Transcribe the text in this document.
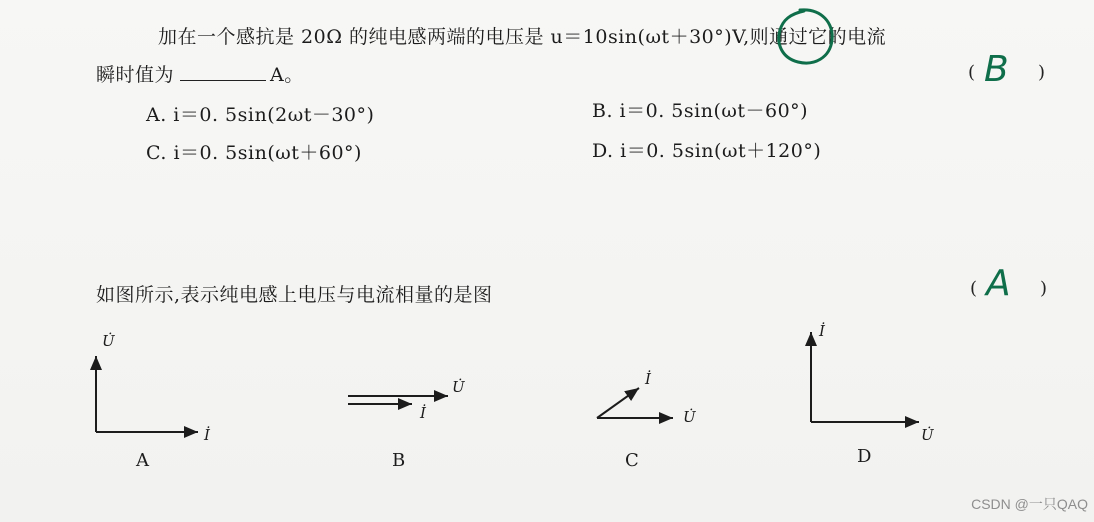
加在一个感抗是 20Ω 的纯电感两端的电压是 u＝10sin(ωt＋30°)V,则通过它的电流
瞬时值为	A。	( B )
A. i＝0. 5sin(2ωt－30°)	B. i＝0. 5sin(ωt－60°)
C. i＝0. 5sin(ωt＋60°)	D. i＝0. 5sin(ωt＋120°)
如图所示,表示纯电感上电压与电流相量的是图	( A )
U̇
İ
A
U̇
İ
B
İ
U̇
C
İ
U̇
D
CSDN @一只QAQ
